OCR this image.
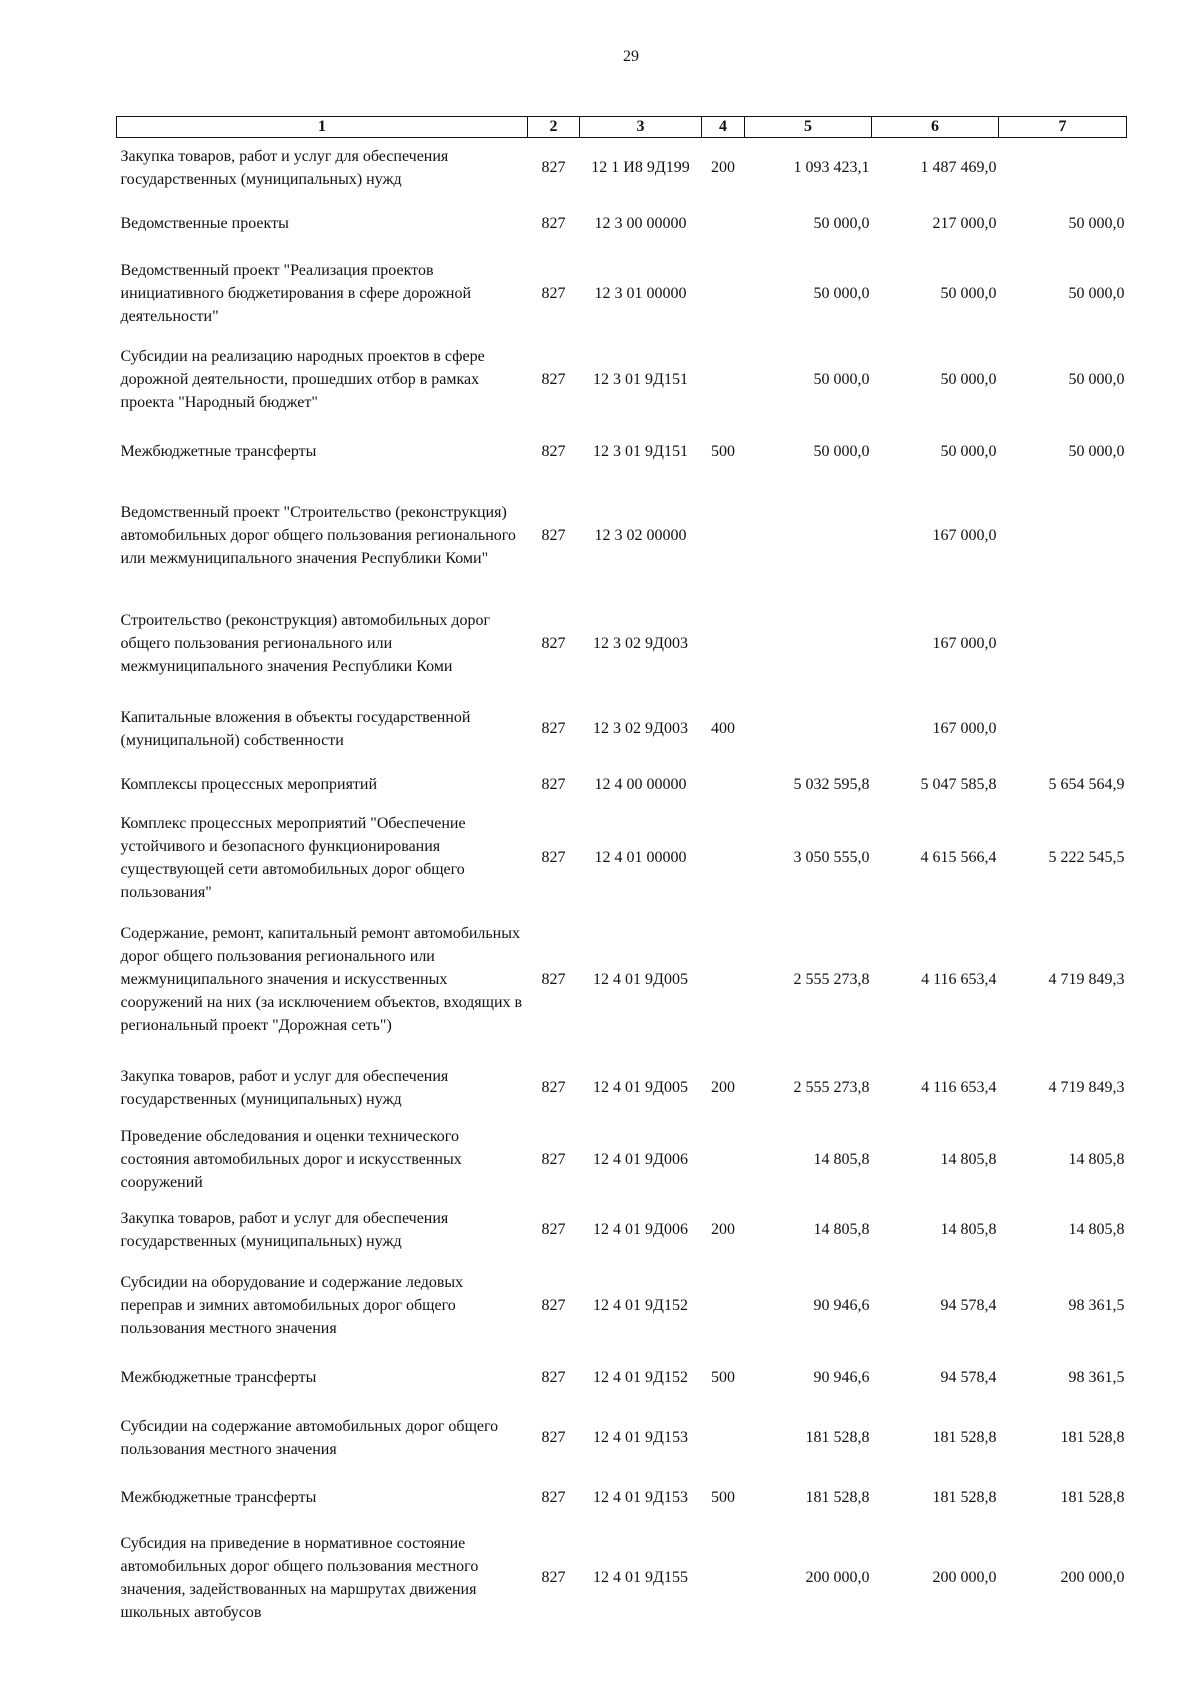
29
1	2	3	4	5	6	7
Закупка товаров, работ и услуг для обеспечения государственных (муниципальных) нужд	827	12 1 И8 9Д199	200	1 093 423,1	1 487 469,0	
Ведомственные проекты	827	12 3 00 00000		50 000,0	217 000,0	50 000,0
Ведомственный проект "Реализация проектов инициативного бюджетирования в сфере дорожной деятельности"	827	12 3 01 00000		50 000,0	50 000,0	50 000,0
Субсидии на реализацию народных проектов в сфере дорожной деятельности, прошедших отбор в рамках проекта "Народный бюджет"	827	12 3 01 9Д151		50 000,0	50 000,0	50 000,0
Межбюджетные трансферты	827	12 3 01 9Д151	500	50 000,0	50 000,0	50 000,0
Ведомственный проект "Строительство (реконструкция) автомобильных дорог общего пользования регионального или межмуниципального значения Республики Коми"	827	12 3 02 00000			167 000,0	
Строительство (реконструкция) автомобильных дорог общего пользования регионального или межмуниципального значения Республики Коми	827	12 3 02 9Д003			167 000,0	
Капитальные вложения в объекты государственной (муниципальной) собственности	827	12 3 02 9Д003	400		167 000,0	
Комплексы процессных мероприятий	827	12 4 00 00000		5 032 595,8	5 047 585,8	5 654 564,9
Комплекс процессных мероприятий "Обеспечение устойчивого и безопасного функционирования существующей сети автомобильных дорог общего пользования"	827	12 4 01 00000		3 050 555,0	4 615 566,4	5 222 545,5
Содержание, ремонт, капитальный ремонт автомобильных дорог общего пользования регионального или межмуниципального значения и искусственных сооружений на них (за исключением объектов, входящих в региональный проект "Дорожная сеть")	827	12 4 01 9Д005		2 555 273,8	4 116 653,4	4 719 849,3
Закупка товаров, работ и услуг для обеспечения государственных (муниципальных) нужд	827	12 4 01 9Д005	200	2 555 273,8	4 116 653,4	4 719 849,3
Проведение обследования и оценки технического состояния автомобильных дорог и искусственных сооружений	827	12 4 01 9Д006		14 805,8	14 805,8	14 805,8
Закупка товаров, работ и услуг для обеспечения государственных (муниципальных) нужд	827	12 4 01 9Д006	200	14 805,8	14 805,8	14 805,8
Субсидии на оборудование и содержание ледовых переправ и зимних автомобильных дорог общего пользования местного значения	827	12 4 01 9Д152		90 946,6	94 578,4	98 361,5
Межбюджетные трансферты	827	12 4 01 9Д152	500	90 946,6	94 578,4	98 361,5
Субсидии на содержание автомобильных дорог общего пользования местного значения	827	12 4 01 9Д153		181 528,8	181 528,8	181 528,8
Межбюджетные трансферты	827	12 4 01 9Д153	500	181 528,8	181 528,8	181 528,8
Субсидия на приведение в нормативное состояние автомобильных дорог общего пользования местного значения, задействованных на маршрутах движения школьных автобусов	827	12 4 01 9Д155		200 000,0	200 000,0	200 000,0
